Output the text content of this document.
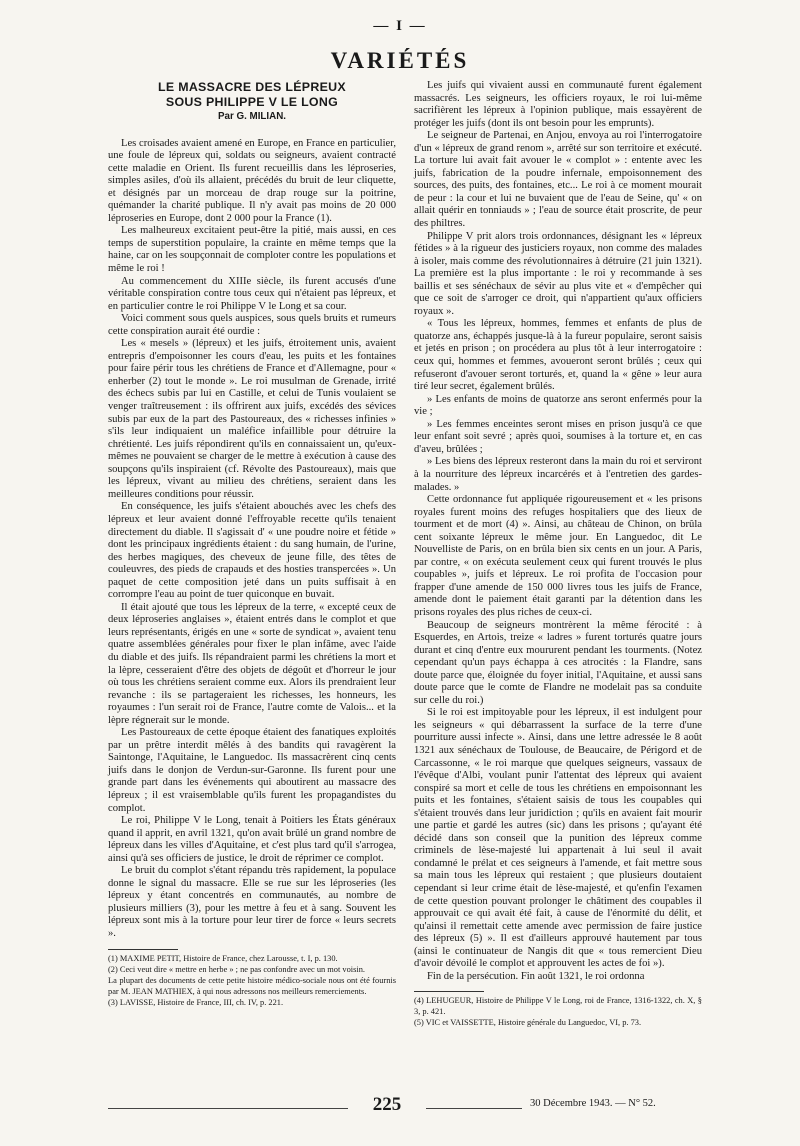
— I —
VARIÉTÉS
LE MASSACRE DES LÉPREUX
SOUS PHILIPPE V LE LONG
Par G. MILIAN.

Les croisades avaient amené en Europe, en France en particulier, une foule de lépreux qui, soldats ou seigneurs, avaient contracté cette maladie en Orient. Ils furent recueillis dans les léproseries, simples asiles, d'où ils allaient, précédés du bruit de leur cliquette, et désignés par un morceau de drap rouge sur la poitrine, quémander la charité publique. Il n'y avait pas moins de 20 000 léproseries en Europe, dont 2 000 pour la France (1).

Les malheureux excitaient peut-être la pitié, mais aussi, en ces temps de superstition populaire, la crainte en même temps que la haine, car on les soupçonnait de comploter contre les populations et même le roi !

Au commencement du XIIIe siècle, ils furent accusés d'une véritable conspiration contre tous ceux qui n'étaient pas lépreux, et en particulier contre le roi Philippe V le Long et sa cour.

Voici comment sous quels auspices, sous quels bruits et rumeurs cette conspiration aurait été ourdie :

Les « mesels » (lépreux) et les juifs, étroitement unis, avaient entrepris d'empoisonner les cours d'eau, les puits et les fontaines pour faire périr tous les chrétiens de France et d'Allemagne, pour « enherber (2) tout le monde ». Le roi musulman de Grenade, irrité des échecs subis par lui en Castille, et celui de Tunis voulaient se venger traîtreusement : ils offrirent aux juifs, excédés des sévices subis par eux de la part des Pastoureaux, des « richesses infinies » s'ils leur indiquaient un maléfice infaillible pour détruire la chrétienté. Les juifs répondirent qu'ils en connaissaient un, qu'eux-mêmes ne pouvaient se charger de le mettre à exécution à cause des soupçons qu'ils inspiraient (cf. Révolte des Pastoureaux), mais que les lépreux, vivant au milieu des chrétiens, seraient dans les meilleures conditions pour réussir.

En conséquence, les juifs s'étaient abouchés avec les chefs des lépreux et leur avaient donné l'effroyable recette qu'ils tenaient directement du diable. Il s'agissait d' « une poudre noire et fétide » dont les principaux ingrédients étaient : du sang humain, de l'urine, des herbes magiques, des cheveux de jeune fille, des têtes de couleuvres, des pieds de crapauds et des hosties transpercées ». Un paquet de cette composition jeté dans un puits suffisait à en corrompre l'eau au point de tuer quiconque en buvait.

Il était ajouté que tous les lépreux de la terre, « excepté ceux de deux léproseries anglaises », étaient entrés dans le complot et que leurs représentants, érigés en une « sorte de syndicat », avaient tenu quatre assemblées générales pour fixer le plan infâme, avec l'aide du diable et des juifs. Ils répandraient parmi les chrétiens la mort et la lèpre, cesseraient d'être des objets de dégoût et d'horreur le jour où tous les chrétiens seraient comme eux. Alors ils prendraient leur revanche : ils se partageraient les richesses, les honneurs, les royaumes : l'un serait roi de France, l'autre comte de Valois... et la lèpre régnerait sur le monde.

Les Pastoureaux de cette époque étaient des fanatiques exploités par un prêtre interdit mêlés à des bandits qui ravagèrent la Saintonge, l'Aquitaine, le Languedoc. Ils massacrèrent cinq cents juifs dans le donjon de Verdun-sur-Garonne. Ils furent pour une grande part dans les événements qui aboutirent au massacre des lépreux ; il est vraisemblable qu'ils furent les propagandistes du complot.

Le roi, Philippe V le Long, tenait à Poitiers les États généraux quand il apprit, en avril 1321, qu'on avait brûlé un grand nombre de lépreux dans les villes d'Aquitaine, et c'est plus tard qu'il s'arrogea, ainsi qu'à ses officiers de justice, le droit de réprimer ce complot.

Le bruit du complot s'étant répandu très rapidement, la populace donne le signal du massacre. Elle se rue sur les léproseries (les lépreux y étant concentrés en communautés, au nombre de plusieurs milliers (3), pour les mettre à feu et à sang. Souvent les lépreux sont mis à la torture pour leur tirer de force « leurs secrets ».

(1) MAXIME PETIT, Histoire de France, chez Larousse, t. I, p. 130.

(2) Ceci veut dire « mettre en herbe » ; ne pas confondre avec un mot voisin.

La plupart des documents de cette petite histoire médico-sociale nous ont été fournis par M. JEAN MATHIEX, à qui nous adressons nos meilleurs remerciements.

(3) LAVISSE, Histoire de France, III, ch. IV, p. 221.

Les juifs qui vivaient aussi en communauté furent également massacrés. Les seigneurs, les officiers royaux, le roi lui-même sacrifièrent les lépreux à l'opinion publique, mais essayèrent de protéger les juifs (dont ils ont besoin pour les emprunts).

Le seigneur de Partenai, en Anjou, envoya au roi l'interrogatoire d'un « lépreux de grand renom », arrêté sur son territoire et exécuté. La torture lui avait fait avouer le « complot » : entente avec les juifs, fabrication de la poudre infernale, empoisonnement des sources, des puits, des fontaines, etc... Le roi à ce moment mourait de peur : la cour et lui ne buvaient que de l'eau de Seine, qu' « on allait quérir en tonniauds » ; l'eau de source était proscrite, de peur des philtres.

Philippe V prit alors trois ordonnances, désignant les « lépreux fétides » à la rigueur des justiciers royaux, non comme des malades à isoler, mais comme des révolutionnaires à détruire (21 juin 1321). La première est la plus importante : le roi y recommande à ses baillis et ses sénéchaux de sévir au plus vite et « d'empêcher qui que ce soit de s'arroger ce droit, qui n'appartient qu'aux officiers royaux ».

« Tous les lépreux, hommes, femmes et enfants de plus de quatorze ans, échappés jusque-là à la fureur populaire, seront saisis et jetés en prison ; on procédera au plus tôt à leur interrogatoire : ceux qui, hommes et femmes, avoueront seront brûlés ; ceux qui refuseront d'avouer seront torturés, et, quand la « gêne » leur aura tiré leur secret, également brûlés.

» Les enfants de moins de quatorze ans seront enfermés pour la vie ;

» Les femmes enceintes seront mises en prison jusqu'à ce que leur enfant soit sevré ; après quoi, soumises à la torture et, en cas d'aveu, brûlées ;

» Les biens des lépreux resteront dans la main du roi et serviront à la nourriture des lépreux incarcérés et à l'entretien des gardes-malades. »

Cette ordonnance fut appliquée rigoureusement et « les prisons royales furent moins des refuges hospitaliers que des lieux de tourment et de mort (4) ». Ainsi, au château de Chinon, on brûla cent soixante lépreux le même jour. En Languedoc, dit Le Nouvelliste de Paris, on en brûla bien six cents en un jour. A Paris, par contre, « on exécuta seulement ceux qui furent trouvés le plus coupables », juifs et lépreux. Le roi profita de l'occasion pour frapper d'une amende de 150 000 livres tous les juifs de France, amende dont le paiement était garanti par la détention dans les prisons royales des plus riches de ceux-ci.

Beaucoup de seigneurs montrèrent la même férocité : à Esquerdes, en Artois, treize « ladres » furent torturés quatre jours durant et cinq d'entre eux moururent pendant les tourments. (Notez cependant qu'un pays échappa à ces atrocités : la Flandre, sans doute parce que, éloignée du foyer initial, l'Aquitaine, et aussi sans doute parce que le comte de Flandre ne modelait pas sa conduite sur celle du roi.)

Si le roi est impitoyable pour les lépreux, il est indulgent pour les seigneurs « qui débarrassent la surface de la terre d'une pourriture aussi infecte ». Ainsi, dans une lettre adressée le 8 août 1321 aux sénéchaux de Toulouse, de Beaucaire, de Périgord et de Carcassonne, « le roi marque que quelques seigneurs, vassaux de l'évêque d'Albi, voulant punir l'attentat des lépreux qui avaient conspiré sa mort et celle de tous les chrétiens en empoisonnant les puits et les fontaines, s'étaient saisis de tous les coupables qui s'étaient trouvés dans leur juridiction ; qu'ils en avaient fait mourir une partie et gardé les autres (sic) dans les prisons ; qu'ayant été décidé dans son conseil que la punition des lépreux comme criminels de lèse-majesté lui appartenait à lui seul il avait condamné le prélat et ces seigneurs à l'amende, et fait mettre sous sa main tous les lépreux qui restaient ; que plusieurs doutaient cependant si leur crime était de lèse-majesté, et qu'enfin l'examen de cette question pouvant prolonger le châtiment des coupables il approuvait ce qui avait été fait, à cause de l'énormité du délit, et qu'ainsi il remettait cette amende avec permission de faire justice des lépreux (5) ». Il est d'ailleurs approuvé hautement par tous (ainsi le continuateur de Nangis dit que « tous remercient Dieu d'avoir dévoilé le complot et approuvent les actes de foi »).

Fin de la persécution. Fin août 1321, le roi ordonna

(4) LEHUGEUR, Histoire de Philippe V le Long, roi de France, 1316-1322, ch. X, § 3, p. 421.

(5) VIC et VAISSETTE, Histoire générale du Languedoc, VI, p. 73.

225	30 Décembre 1943. — N° 52.
